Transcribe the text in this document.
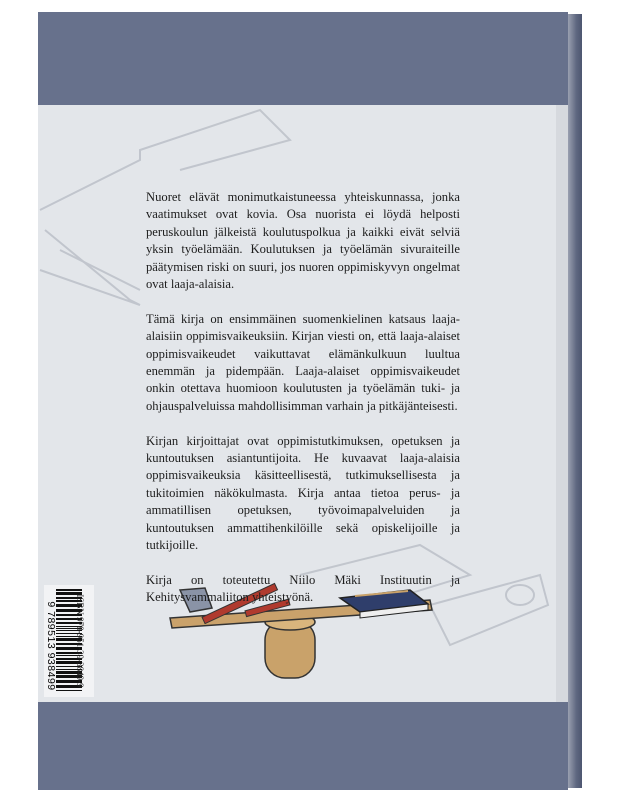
Nuoret elävät monimutkaistuneessa yhteiskunnassa, jonka vaatimukset ovat kovia. Osa nuorista ei löydä helposti peruskoulun jälkeistä koulutuspolkua ja kaikki eivät selviä yksin työelämään. Koulutuksen ja työelämän sivuraiteille päätymisen riski on suuri, jos nuoren oppimiskyvyn ongelmat ovat laaja-alaisia.

Tämä kirja on ensimmäinen suomenkielinen katsaus laaja-alaisiin oppimisvaikeuksiin. Kirjan viesti on, että laaja-alaiset oppimisvaikeudet vaikuttavat elämänkulkuun luultua enemmän ja pidempään. Laaja-alaiset oppimisvaikeudet onkin otettava huomioon koulutusten ja työelämän tuki- ja ohjauspalveluissa mahdollisimman varhain ja pitkäjänteisesti.

Kirjan kirjoittajat ovat oppimistutkimuksen, opetuksen ja kuntoutuksen asiantuntijoita. He kuvaavat laaja-alaisia oppimisvaikeuksia käsitteellisestä, tutkimuksellisesta ja tukitoimien näkökulmasta. Kirja antaa tietoa perus- ja ammatillisen opetuksen, työvoimapalveluiden ja kuntoutuksen ammattihenkilöille sekä opiskelijoille ja tutkijoille.

Kirja on toteutettu Niilo Mäki Instituutin ja Kehitysvammaliiton yhteistyönä.

9 789513 938499 ISBN 978-951-39-3849-9
